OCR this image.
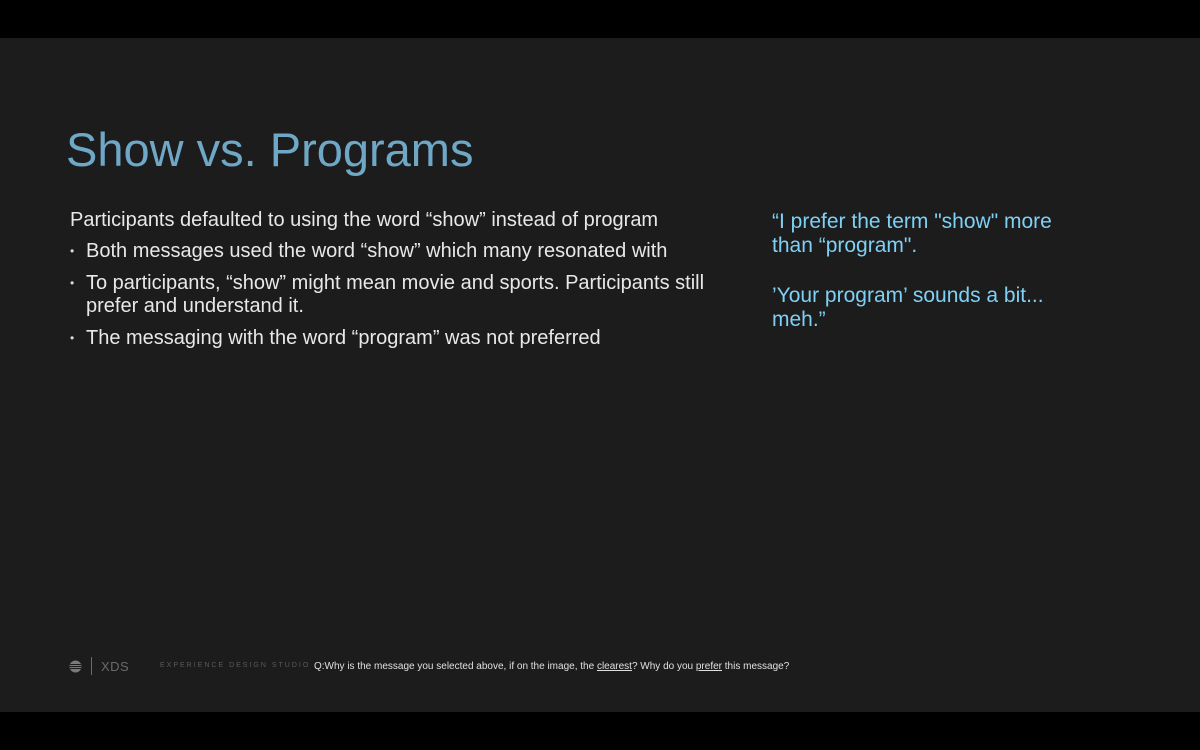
Show vs. Programs
Participants defaulted to using the word “show” instead of program
• Both messages used the word “show” which many resonated with
• To participants, “show” might mean movie and sports. Participants still prefer and understand it.
• The messaging with the word “program” was not preferred
“I prefer the term "show" more than “program".
’Your program’ sounds a bit... meh.”
XDS	EXPERIENCE DESIGN STUDIO Q:Why is the message you selected above, if on the image, the clearest? Why do you prefer this message?
